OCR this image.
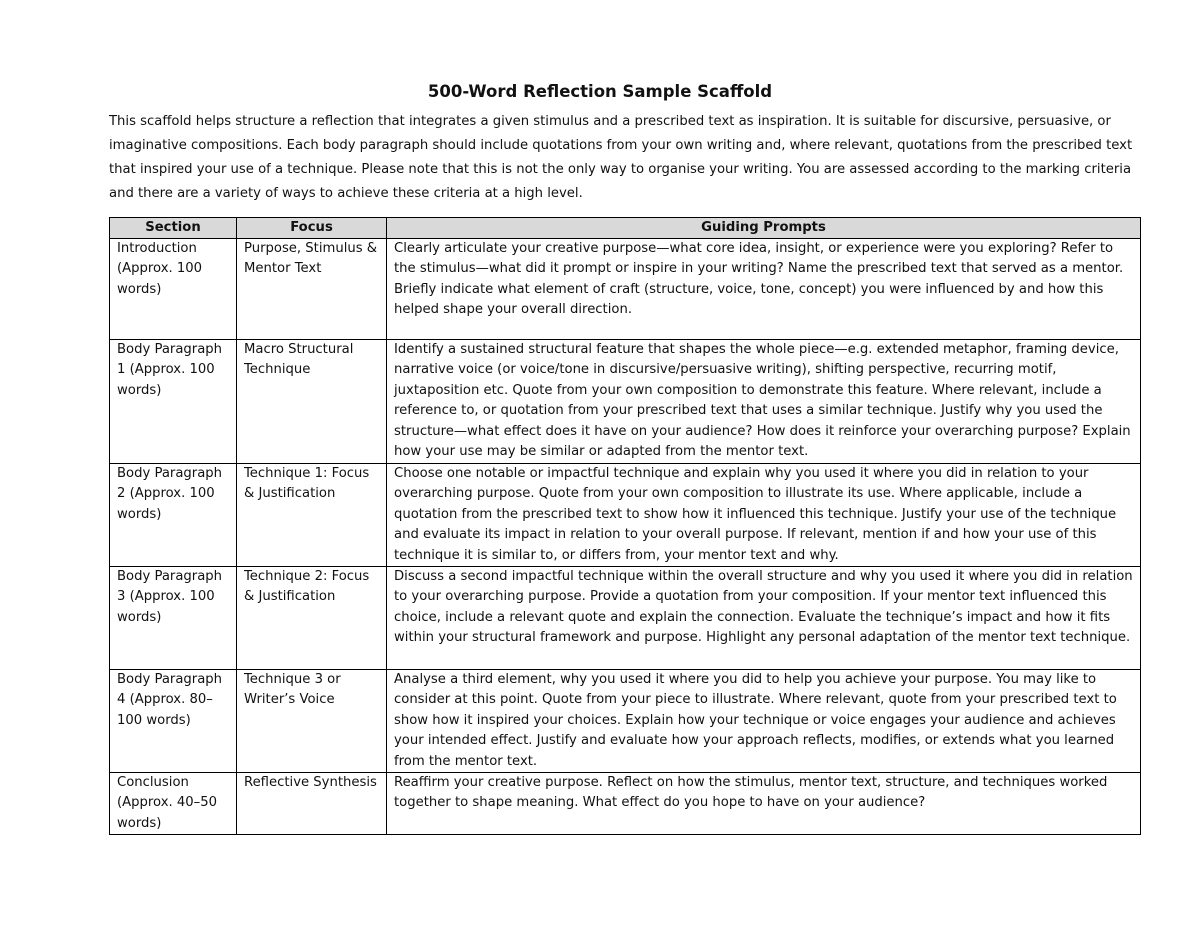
500-Word Reflection Sample Scaffold

This scaffold helps structure a reflection that integrates a given stimulus and a prescribed text as inspiration. It is suitable for discursive, persuasive, or imaginative compositions. Each body paragraph should include quotations from your own writing and, where relevant, quotations from the prescribed text that inspired your use of a technique. Please note that this is not the only way to organise your writing. You are assessed according to the marking criteria and there are a variety of ways to achieve these criteria at a high level.

Section	Focus	Guiding Prompts
Introduction (Approx. 100 words)	Purpose, Stimulus & Mentor Text	Clearly articulate your creative purpose—what core idea, insight, or experience were you exploring? Refer to the stimulus—what did it prompt or inspire in your writing? Name the prescribed text that served as a mentor. Briefly indicate what element of craft (structure, voice, tone, concept) you were influenced by and how this helped shape your overall direction.
Body Paragraph 1 (Approx. 100 words)	Macro Structural Technique	Identify a sustained structural feature that shapes the whole piece—e.g. extended metaphor, framing device, narrative voice (or voice/tone in discursive/persuasive writing), shifting perspective, recurring motif, juxtaposition etc. Quote from your own composition to demonstrate this feature. Where relevant, include a reference to, or quotation from your prescribed text that uses a similar technique. Justify why you used the structure—what effect does it have on your audience? How does it reinforce your overarching purpose? Explain how your use may be similar or adapted from the mentor text.
Body Paragraph 2 (Approx. 100 words)	Technique 1: Focus & Justification	Choose one notable or impactful technique and explain why you used it where you did in relation to your overarching purpose. Quote from your own composition to illustrate its use. Where applicable, include a quotation from the prescribed text to show how it influenced this technique. Justify your use of the technique and evaluate its impact in relation to your overall purpose. If relevant, mention if and how your use of this technique it is similar to, or differs from, your mentor text and why.
Body Paragraph 3 (Approx. 100 words)	Technique 2: Focus & Justification	Discuss a second impactful technique within the overall structure and why you used it where you did in relation to your overarching purpose. Provide a quotation from your composition. If your mentor text influenced this choice, include a relevant quote and explain the connection. Evaluate the technique’s impact and how it fits within your structural framework and purpose. Highlight any personal adaptation of the mentor text technique.
Body Paragraph 4 (Approx. 80–100 words)	Technique 3 or Writer’s Voice	Analyse a third element, why you used it where you did to help you achieve your purpose. You may like to consider at this point. Quote from your piece to illustrate. Where relevant, quote from your prescribed text to show how it inspired your choices. Explain how your technique or voice engages your audience and achieves your intended effect. Justify and evaluate how your approach reflects, modifies, or extends what you learned from the mentor text.
Conclusion (Approx. 40–50 words)	Reflective Synthesis	Reaffirm your creative purpose. Reflect on how the stimulus, mentor text, structure, and techniques worked together to shape meaning. What effect do you hope to have on your audience?
